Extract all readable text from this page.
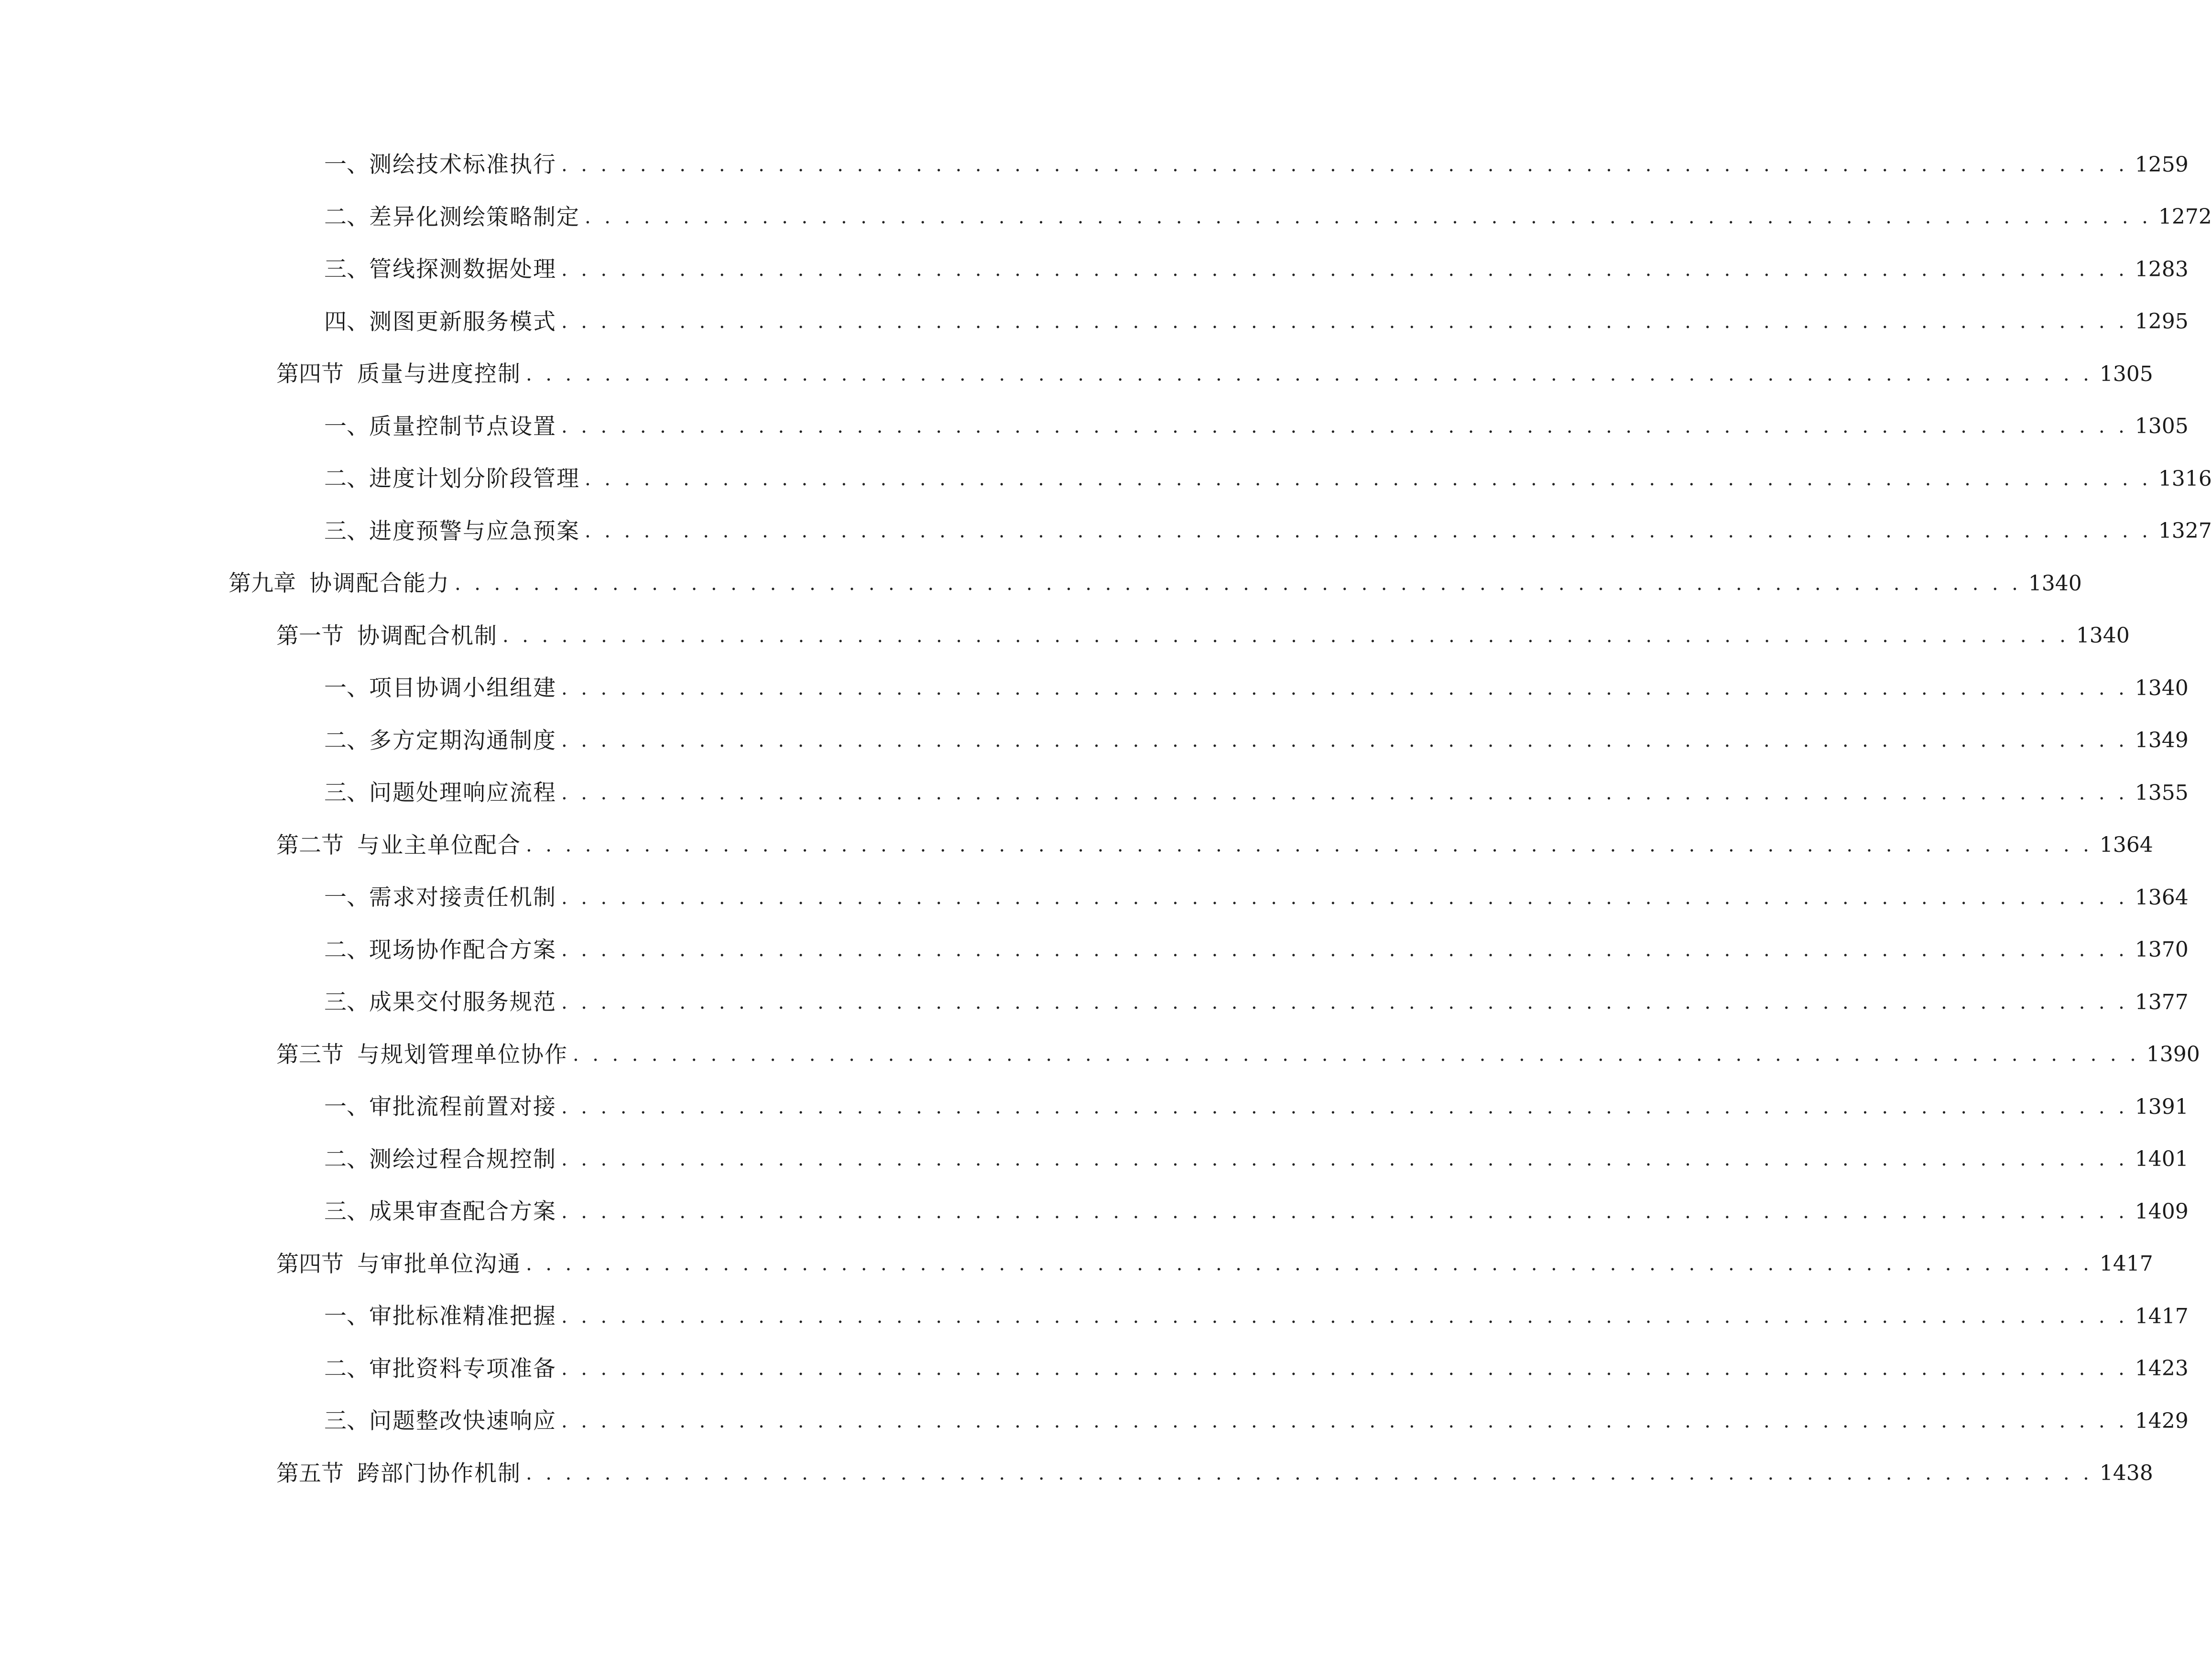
一、 测绘技术标准执行 . . . . . . . . . . . . . . . . . . . . . . . . . . . . . . . . . . . . . . . . . . . . . . . . . . . . . . . . . . . . . . . . . . . . . . . . . . . . . . . . 1259
二、 差异化测绘策略制定 . . . . . . . . . . . . . . . . . . . . . . . . . . . . . . . . . . . . . . . . . . . . . . . . . . . . . . . . . . . . . . . . . . . . . . . . . . . . . . . . 1272
三、 管线探测数据处理 . . . . . . . . . . . . . . . . . . . . . . . . . . . . . . . . . . . . . . . . . . . . . . . . . . . . . . . . . . . . . . . . . . . . . . . . . . . . . . . . 1283
四、 测图更新服务模式 . . . . . . . . . . . . . . . . . . . . . . . . . . . . . . . . . . . . . . . . . . . . . . . . . . . . . . . . . . . . . . . . . . . . . . . . . . . . . . . . 1295
第四节 质量与进度控制 . . . . . . . . . . . . . . . . . . . . . . . . . . . . . . . . . . . . . . . . . . . . . . . . . . . . . . . . . . . . . . . . . . . . . . . . . . . . . . . . 1305
一、 质量控制节点设置 . . . . . . . . . . . . . . . . . . . . . . . . . . . . . . . . . . . . . . . . . . . . . . . . . . . . . . . . . . . . . . . . . . . . . . . . . . . . . . . . 1305
二、 进度计划分阶段管理 . . . . . . . . . . . . . . . . . . . . . . . . . . . . . . . . . . . . . . . . . . . . . . . . . . . . . . . . . . . . . . . . . . . . . . . . . . . . . . . . 1316
三、 进度预警与应急预案 . . . . . . . . . . . . . . . . . . . . . . . . . . . . . . . . . . . . . . . . . . . . . . . . . . . . . . . . . . . . . . . . . . . . . . . . . . . . . . . . 1327
第九章 协调配合能力 . . . . . . . . . . . . . . . . . . . . . . . . . . . . . . . . . . . . . . . . . . . . . . . . . . . . . . . . . . . . . . . . . . . . . . . . . . . . . . . . 1340
第一节 协调配合机制 . . . . . . . . . . . . . . . . . . . . . . . . . . . . . . . . . . . . . . . . . . . . . . . . . . . . . . . . . . . . . . . . . . . . . . . . . . . . . . . . 1340
一、 项目协调小组组建 . . . . . . . . . . . . . . . . . . . . . . . . . . . . . . . . . . . . . . . . . . . . . . . . . . . . . . . . . . . . . . . . . . . . . . . . . . . . . . . . 1340
二、 多方定期沟通制度 . . . . . . . . . . . . . . . . . . . . . . . . . . . . . . . . . . . . . . . . . . . . . . . . . . . . . . . . . . . . . . . . . . . . . . . . . . . . . . . . 1349
三、 问题处理响应流程 . . . . . . . . . . . . . . . . . . . . . . . . . . . . . . . . . . . . . . . . . . . . . . . . . . . . . . . . . . . . . . . . . . . . . . . . . . . . . . . . 1355
第二节 与业主单位配合 . . . . . . . . . . . . . . . . . . . . . . . . . . . . . . . . . . . . . . . . . . . . . . . . . . . . . . . . . . . . . . . . . . . . . . . . . . . . . . . . 1364
一、 需求对接责任机制 . . . . . . . . . . . . . . . . . . . . . . . . . . . . . . . . . . . . . . . . . . . . . . . . . . . . . . . . . . . . . . . . . . . . . . . . . . . . . . . . 1364
二、 现场协作配合方案 . . . . . . . . . . . . . . . . . . . . . . . . . . . . . . . . . . . . . . . . . . . . . . . . . . . . . . . . . . . . . . . . . . . . . . . . . . . . . . . . 1370
三、 成果交付服务规范 . . . . . . . . . . . . . . . . . . . . . . . . . . . . . . . . . . . . . . . . . . . . . . . . . . . . . . . . . . . . . . . . . . . . . . . . . . . . . . . . 1377
第三节 与规划管理单位协作 . . . . . . . . . . . . . . . . . . . . . . . . . . . . . . . . . . . . . . . . . . . . . . . . . . . . . . . . . . . . . . . . . . . . . . . . . . . . . . . . 1390
一、 审批流程前置对接 . . . . . . . . . . . . . . . . . . . . . . . . . . . . . . . . . . . . . . . . . . . . . . . . . . . . . . . . . . . . . . . . . . . . . . . . . . . . . . . . 1391
二、 测绘过程合规控制 . . . . . . . . . . . . . . . . . . . . . . . . . . . . . . . . . . . . . . . . . . . . . . . . . . . . . . . . . . . . . . . . . . . . . . . . . . . . . . . . 1401
三、 成果审查配合方案 . . . . . . . . . . . . . . . . . . . . . . . . . . . . . . . . . . . . . . . . . . . . . . . . . . . . . . . . . . . . . . . . . . . . . . . . . . . . . . . . 1409
第四节 与审批单位沟通 . . . . . . . . . . . . . . . . . . . . . . . . . . . . . . . . . . . . . . . . . . . . . . . . . . . . . . . . . . . . . . . . . . . . . . . . . . . . . . . . 1417
一、 审批标准精准把握 . . . . . . . . . . . . . . . . . . . . . . . . . . . . . . . . . . . . . . . . . . . . . . . . . . . . . . . . . . . . . . . . . . . . . . . . . . . . . . . . 1417
二、 审批资料专项准备 . . . . . . . . . . . . . . . . . . . . . . . . . . . . . . . . . . . . . . . . . . . . . . . . . . . . . . . . . . . . . . . . . . . . . . . . . . . . . . . . 1423
三、 问题整改快速响应 . . . . . . . . . . . . . . . . . . . . . . . . . . . . . . . . . . . . . . . . . . . . . . . . . . . . . . . . . . . . . . . . . . . . . . . . . . . . . . . . 1429
第五节 跨部门协作机制 . . . . . . . . . . . . . . . . . . . . . . . . . . . . . . . . . . . . . . . . . . . . . . . . . . . . . . . . . . . . . . . . . . . . . . . . . . . . . . . . 1438
